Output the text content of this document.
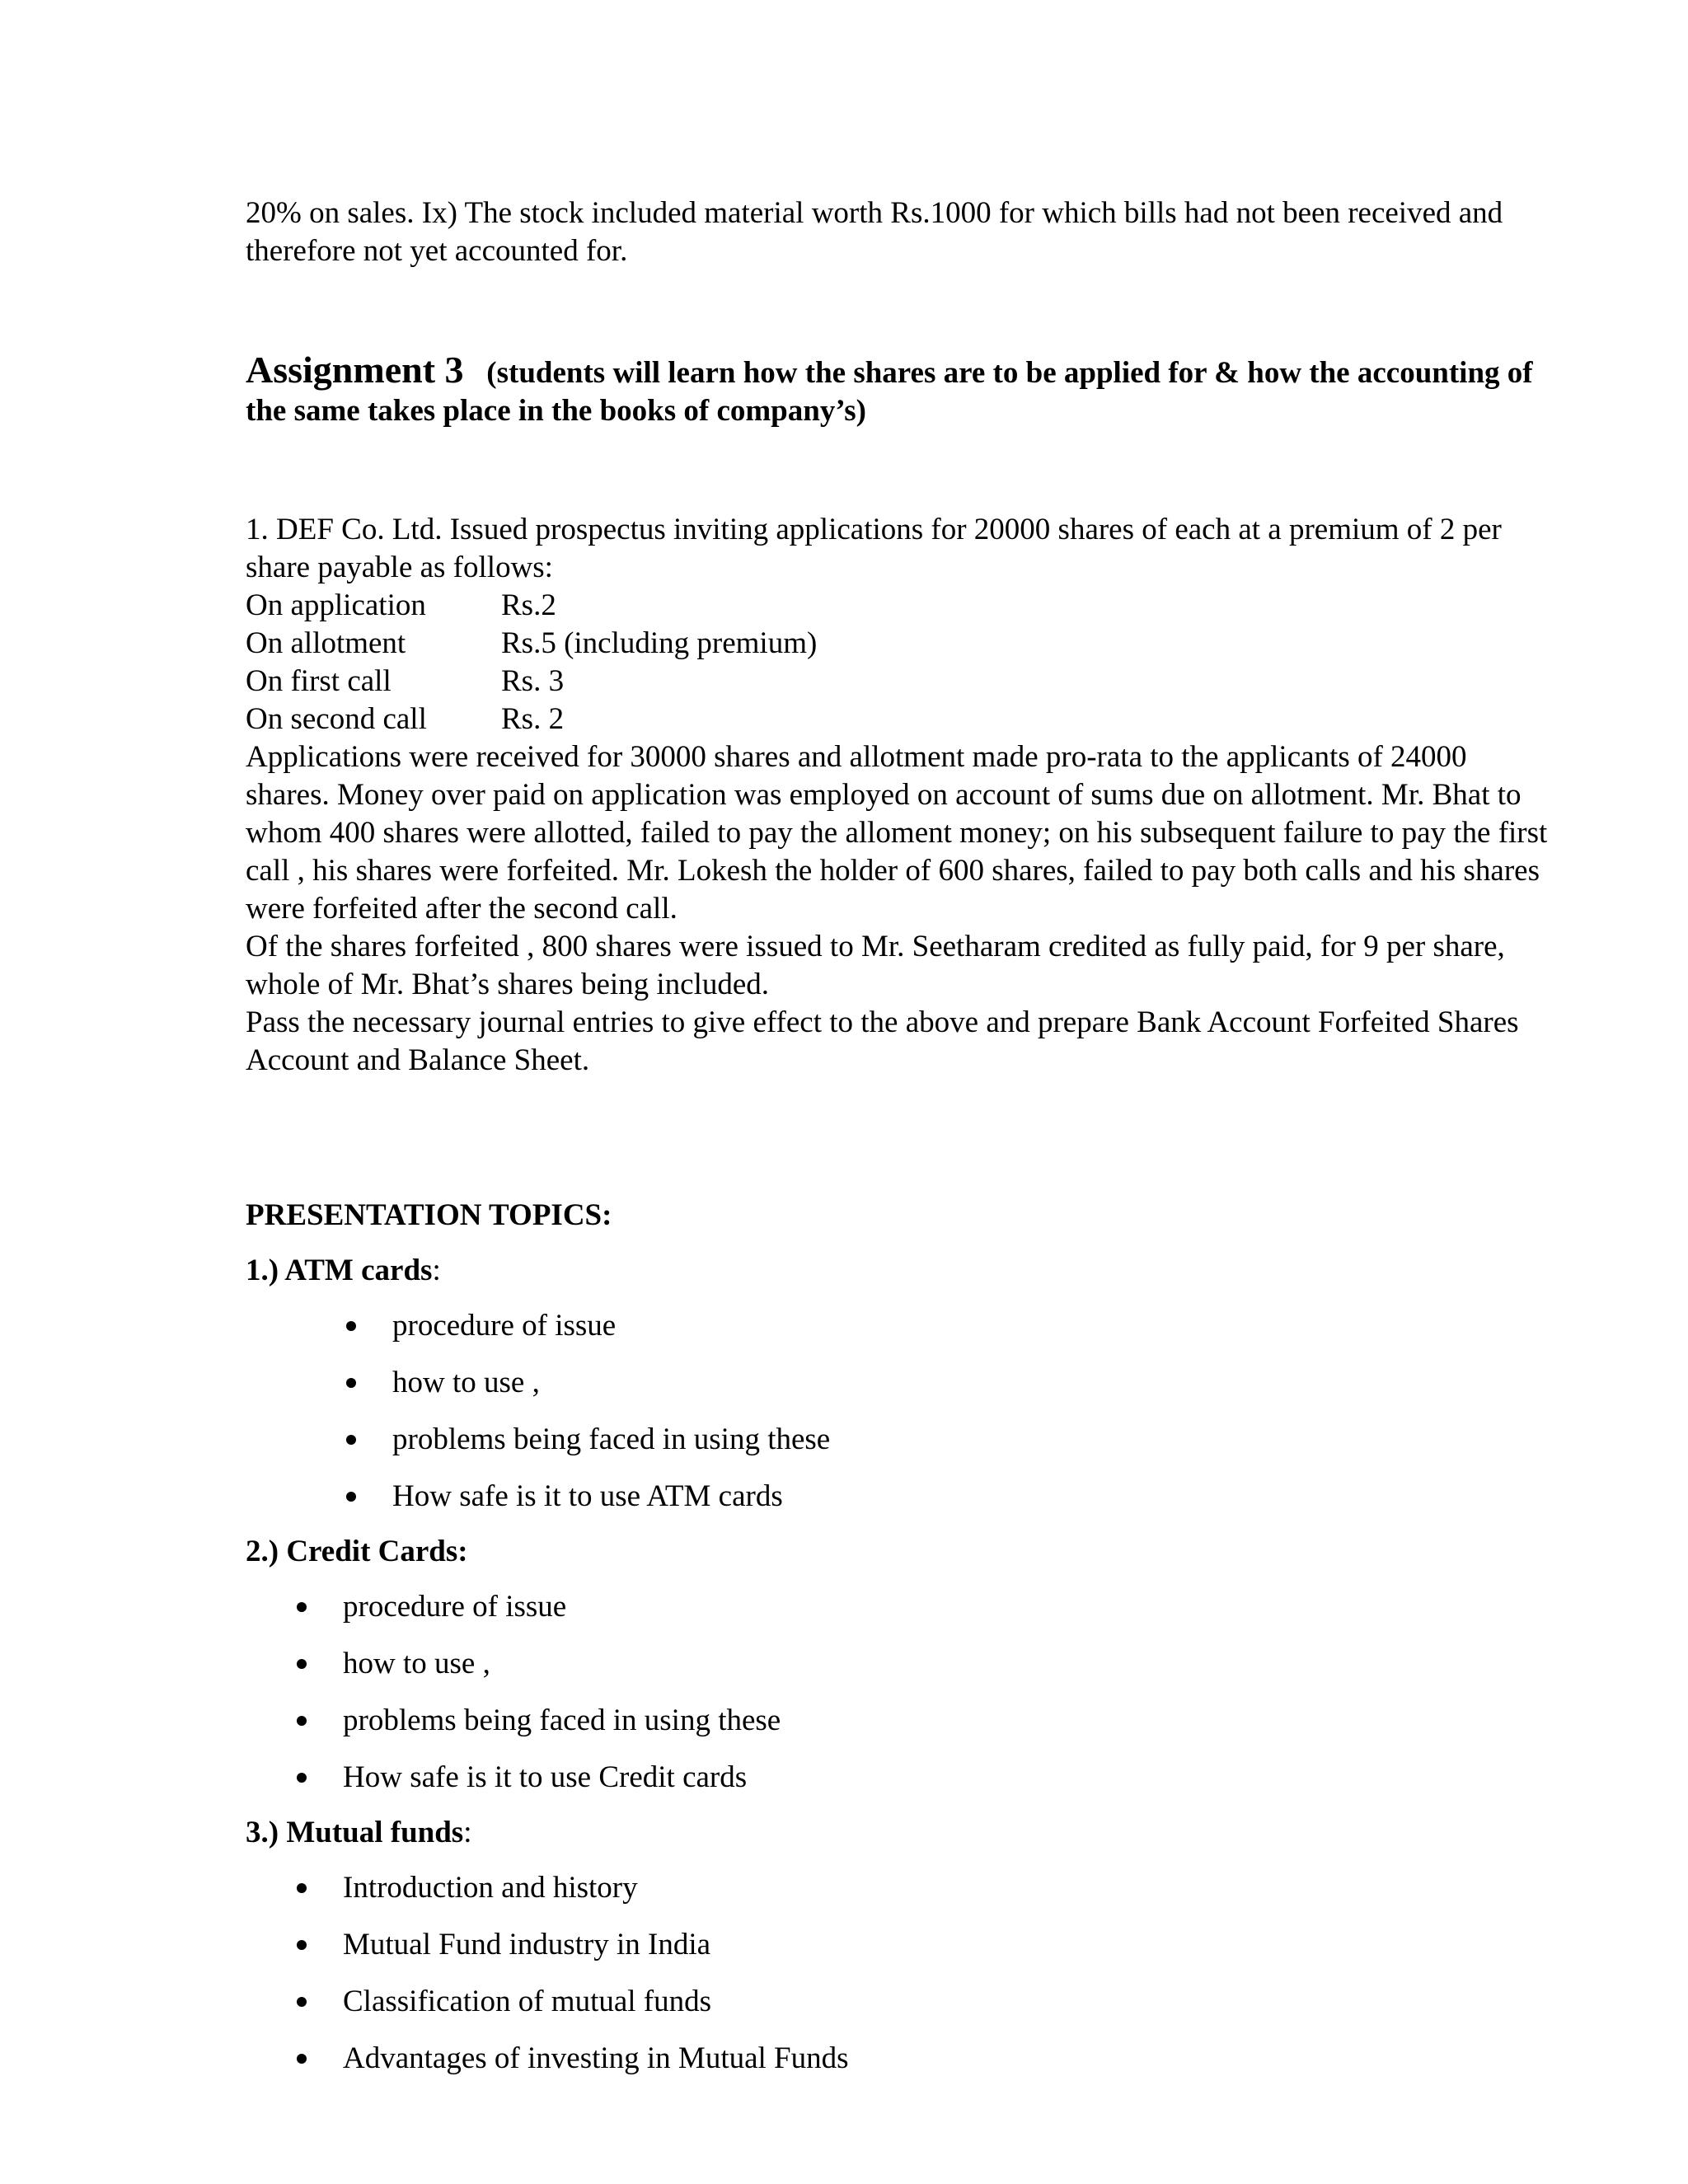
20% on sales. Ix) The stock included material worth Rs.1000 for which bills had not been received and therefore not yet accounted for.

Assignment 3 (students will learn how the shares are to be applied for & how the accounting of the same takes place in the books of company’s)

1. DEF Co. Ltd. Issued prospectus inviting applications for 20000 shares of each at a premium of 2 per share payable as follows:

On application	Rs.2
On allotment	Rs.5 (including premium)
On first call	Rs. 3
On second call	Rs. 2

Applications were received for 30000 shares and allotment made pro-rata to the applicants of 24000 shares. Money over paid on application was employed on account of sums due on allotment. Mr. Bhat to whom 400 shares were allotted, failed to pay the alloment money; on his subsequent failure to pay the first call , his shares were forfeited. Mr. Lokesh the holder of 600 shares, failed to pay both calls and his shares were forfeited after the second call.

Of the shares forfeited , 800 shares were issued to Mr. Seetharam credited as fully paid, for 9 per share, whole of Mr. Bhat’s shares being included.

Pass the necessary journal entries to give effect to the above and prepare Bank Account Forfeited Shares Account and Balance Sheet.

PRESENTATION TOPICS:
1.) ATM cards:
procedure of issue
how to use ,
problems being faced in using these
How safe is it to use ATM cards
2.) Credit Cards:
procedure of issue
how to use ,
problems being faced in using these
How safe is it to use Credit cards
3.) Mutual funds:
Introduction and history
Mutual Fund industry in India
Classification of mutual funds
Advantages of investing in Mutual Funds
